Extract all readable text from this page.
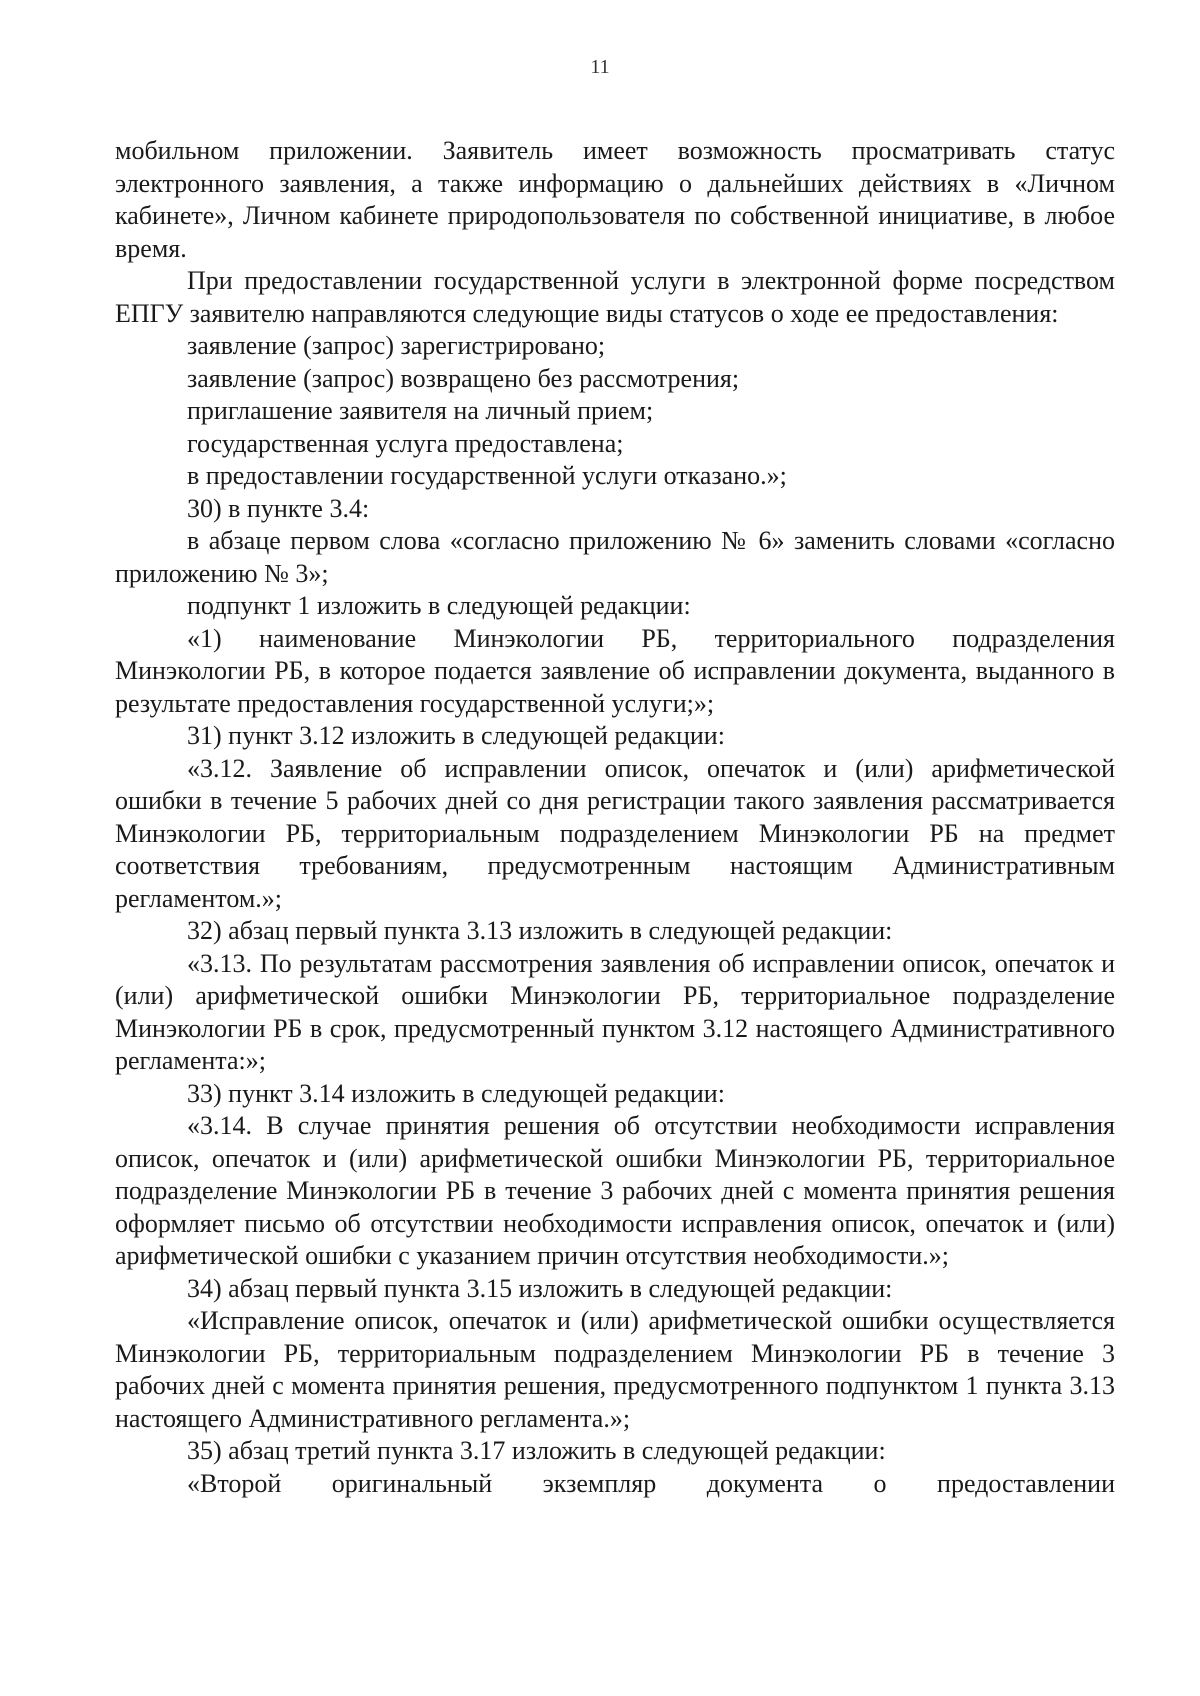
11

мобильном приложении. Заявитель имеет возможность просматривать статус электронного заявления, а также информацию о дальнейших действиях в «Личном кабинете», Личном кабинете природопользователя по собственной инициативе, в любое время.

При предоставлении государственной услуги в электронной форме посредством ЕПГУ заявителю направляются следующие виды статусов о ходе ее предоставления:

заявление (запрос) зарегистрировано;

заявление (запрос) возвращено без рассмотрения;

приглашение заявителя на личный прием;

государственная услуга предоставлена;

в предоставлении государственной услуги отказано.»;

30) в пункте 3.4:

в абзаце первом слова «согласно приложению № 6» заменить словами «согласно приложению № 3»;

подпункт 1 изложить в следующей редакции:

«1) наименование Минэкологии РБ, территориального подразделения Минэкологии РБ, в которое подается заявление об исправлении документа, выданного в результате предоставления государственной услуги;»;

31) пункт 3.12 изложить в следующей редакции:

«3.12. Заявление об исправлении описок, опечаток и (или) арифметической ошибки в течение 5 рабочих дней со дня регистрации такого заявления рассматривается Минэкологии РБ, территориальным подразделением Минэкологии РБ на предмет соответствия требованиям, предусмотренным настоящим Административным регламентом.»;

32) абзац первый пункта 3.13 изложить в следующей редакции:

«3.13. По результатам рассмотрения заявления об исправлении описок, опечаток и (или) арифметической ошибки Минэкологии РБ, территориальное подразделение Минэкологии РБ в срок, предусмотренный пунктом 3.12 настоящего Административного регламента:»;

33) пункт 3.14 изложить в следующей редакции:

«3.14. В случае принятия решения об отсутствии необходимости исправления описок, опечаток и (или) арифметической ошибки Минэкологии РБ, территориальное подразделение Минэкологии РБ в течение 3 рабочих дней с момента принятия решения оформляет письмо об отсутствии необходимости исправления описок, опечаток и (или) арифметической ошибки с указанием причин отсутствия необходимости.»;

34) абзац первый пункта 3.15 изложить в следующей редакции:

«Исправление описок, опечаток и (или) арифметической ошибки осуществляется Минэкологии РБ, территориальным подразделением Минэкологии РБ в течение 3 рабочих дней с момента принятия решения, предусмотренного подпунктом 1 пункта 3.13 настоящего Административного регламента.»;

35) абзац третий пункта 3.17 изложить в следующей редакции:

«Второй оригинальный экземпляр документа о предоставлении
